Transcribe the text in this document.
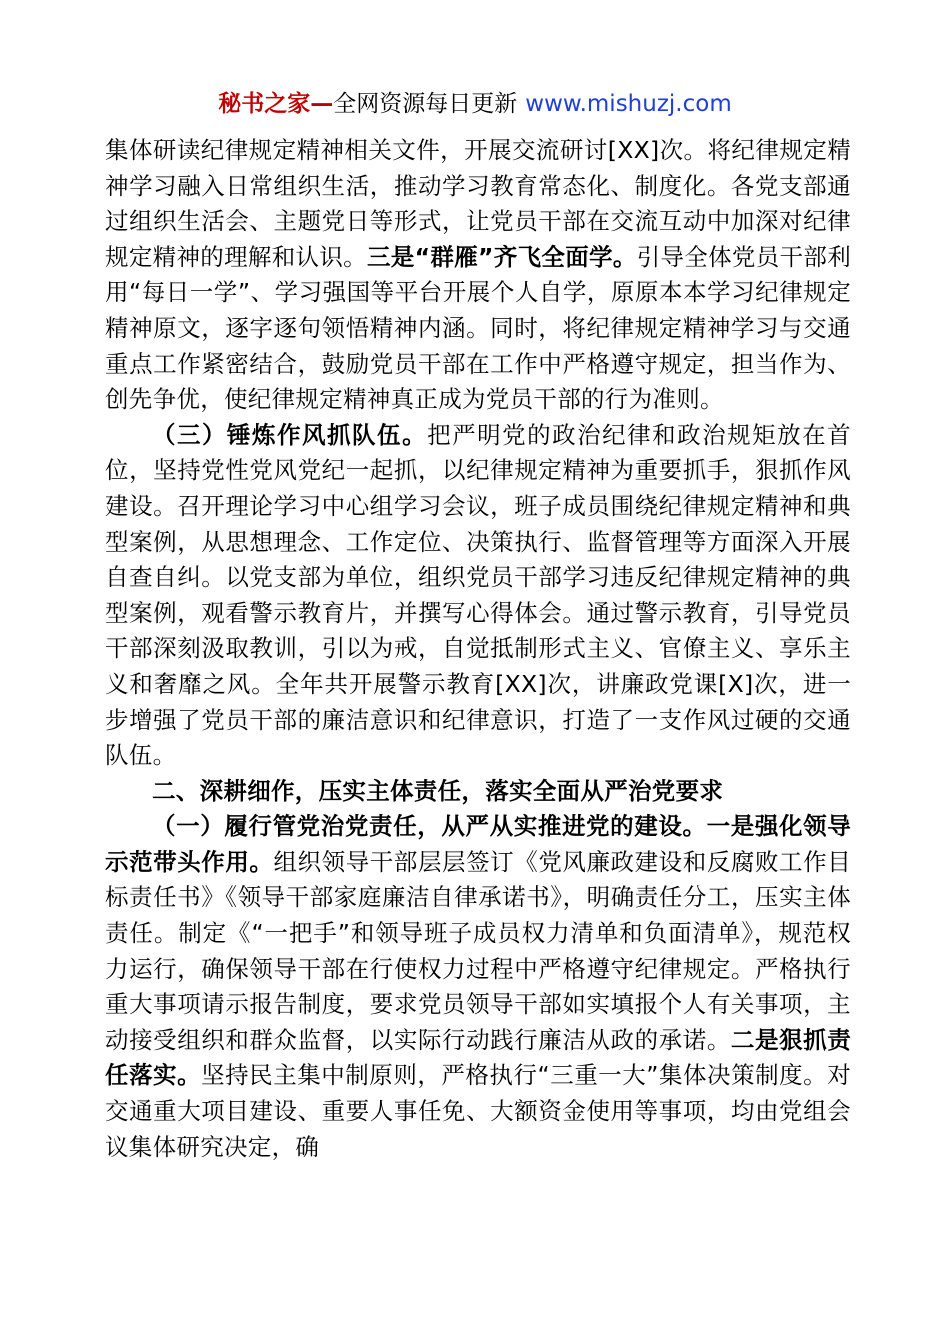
秘书之家—全网资源每日更新 www.mishuzj.com

集体研读纪律规定精神相关文件，开展交流研讨[XX]次。将纪律规定精神学习融入日常组织生活，推动学习教育常态化、制度化。各党支部通过组织生活会、主题党日等形式，让党员干部在交流互动中加深对纪律规定精神的理解和认识。三是“群雁”齐飞全面学。引导全体党员干部利用“每日一学”、学习强国等平台开展个人自学，原原本本学习纪律规定精神原文，逐字逐句领悟精神内涵。同时，将纪律规定精神学习与交通重点工作紧密结合，鼓励党员干部在工作中严格遵守规定，担当作为、创先争优，使纪律规定精神真正成为党员干部的行为准则。

（三）锤炼作风抓队伍。把严明党的政治纪律和政治规矩放在首位，坚持党性党风党纪一起抓，以纪律规定精神为重要抓手，狠抓作风建设。召开理论学习中心组学习会议，班子成员围绕纪律规定精神和典型案例，从思想理念、工作定位、决策执行、监督管理等方面深入开展自查自纠。以党支部为单位，组织党员干部学习违反纪律规定精神的典型案例，观看警示教育片，并撰写心得体会。通过警示教育，引导党员干部深刻汲取教训，引以为戒，自觉抵制形式主义、官僚主义、享乐主义和奢靡之风。全年共开展警示教育[XX]次，讲廉政党课[X]次，进一步增强了党员干部的廉洁意识和纪律意识，打造了一支作风过硬的交通队伍。

二、深耕细作，压实主体责任，落实全面从严治党要求

（一）履行管党治党责任，从严从实推进党的建设。一是强化领导示范带头作用。组织领导干部层层签订《党风廉政建设和反腐败工作目标责任书》《领导干部家庭廉洁自律承诺书》，明确责任分工，压实主体责任。制定《“一把手”和领导班子成员权力清单和负面清单》，规范权力运行，确保领导干部在行使权力过程中严格遵守纪律规定。严格执行重大事项请示报告制度，要求党员领导干部如实填报个人有关事项，主动接受组织和群众监督，以实际行动践行廉洁从政的承诺。二是狠抓责任落实。坚持民主集中制原则，严格执行“三重一大”集体决策制度。对交通重大项目建设、重要人事任免、大额资金使用等事项，均由党组会议集体研究决定，确
